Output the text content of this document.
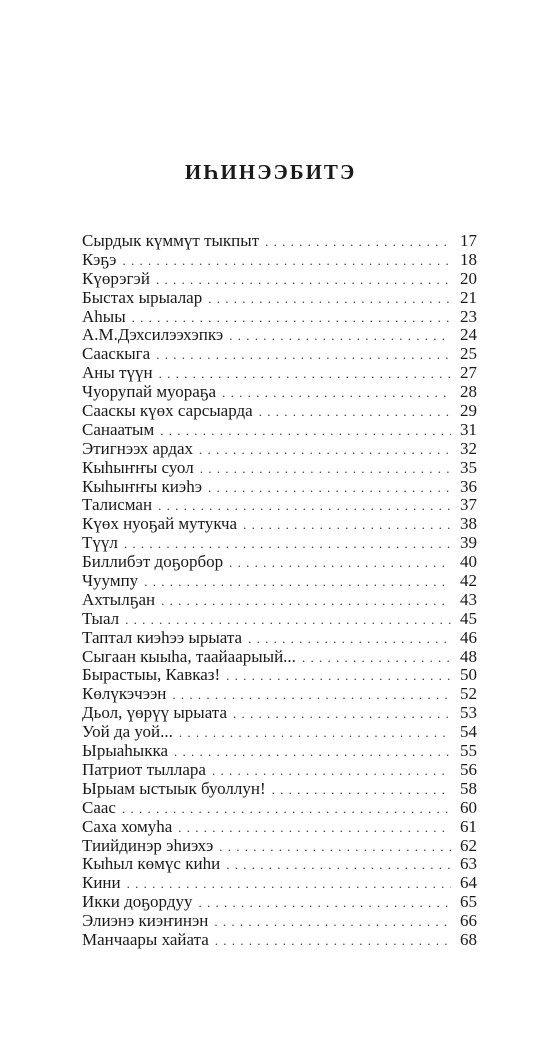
ИҺИНЭЭБИТЭ
Сырдык күммүт тыкпыт . . .	17
Кэҕэ . . .	18
Күөрэгэй . . .	20
Быстах ырыалар . . .	21
Аһыы . . .	23
А.М.Дэхсилээхэпкэ . . .	24
Сааскыга . . .	25
Аны түүн . . .	27
Чуорупай муораҕа . . .	28
Сааскы күөх сарсыарда . . .	29
Санаатым . . .	31
Этигнээх ардах . . .	32
Кыһыҥҥы суол . . .	35
Кыһыҥҥы киэһэ . . .	36
Талисман . . .	37
Күөх нуоҕай мутукча . . .	38
Түүл . . .	39
Биллибэт доҕорбор . . .	40
Чуумпу . . .	42
Ахтылҕан . . .	43
Тыал . . .	45
Таптал киэһээ ырыата . . .	46
Сыгаан кыыһа, таайаарыый... . . .	48
Бырастыы, Кавказ! . . .	50
Көлүкэчээн . . .	52
Дьол, үөрүү ырыата . . .	53
Уой да уой... . . .	54
Ырыаһыкка . . .	55
Патриот тыллара . . .	56
Ырыам ыстыык буоллун! . . .	58
Саас . . .	60
Саха хомуһа . . .	61
Тиийдинэр эһиэхэ . . .	62
Кыһыл көмүс киһи . . .	63
Кини . . .	64
Икки доҕордуу . . .	65
Элиэнэ киэҥинэн . . .	66
Манчаары хайата . . .	68
